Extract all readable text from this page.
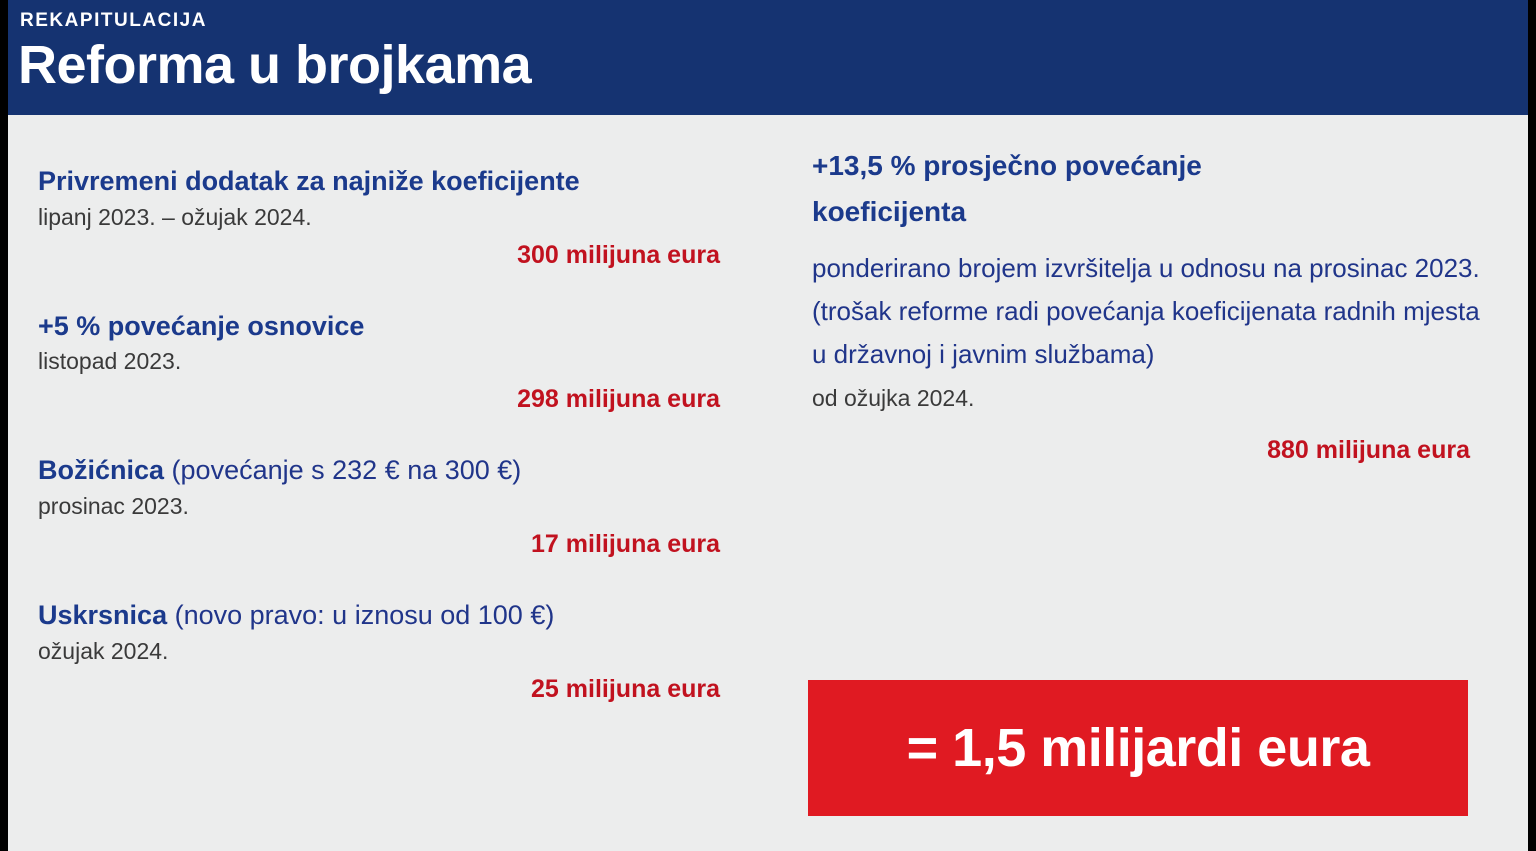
REKAPITULACIJA
Reforma u brojkama
Privremeni dodatak za najniže koeficijente
lipanj 2023. – ožujak 2024.
300 milijuna eura
+5 % povećanje osnovice
listopad 2023.
298 milijuna eura
Božićnica (povećanje s 232 € na 300 €)
prosinac 2023.
17 milijuna eura
Uskrsnica (novo pravo: u iznosu od 100 €)
ožujak 2024.
25 milijuna eura
+13,5 % prosječno povećanje
koeficijenta
ponderirano brojem izvršitelja u odnosu na prosinac 2023. (trošak reforme radi povećanja koeficijenata radnih mjesta u državnoj i javnim službama)
od ožujka 2024.
880 milijuna eura
= 1,5 milijardi eura
